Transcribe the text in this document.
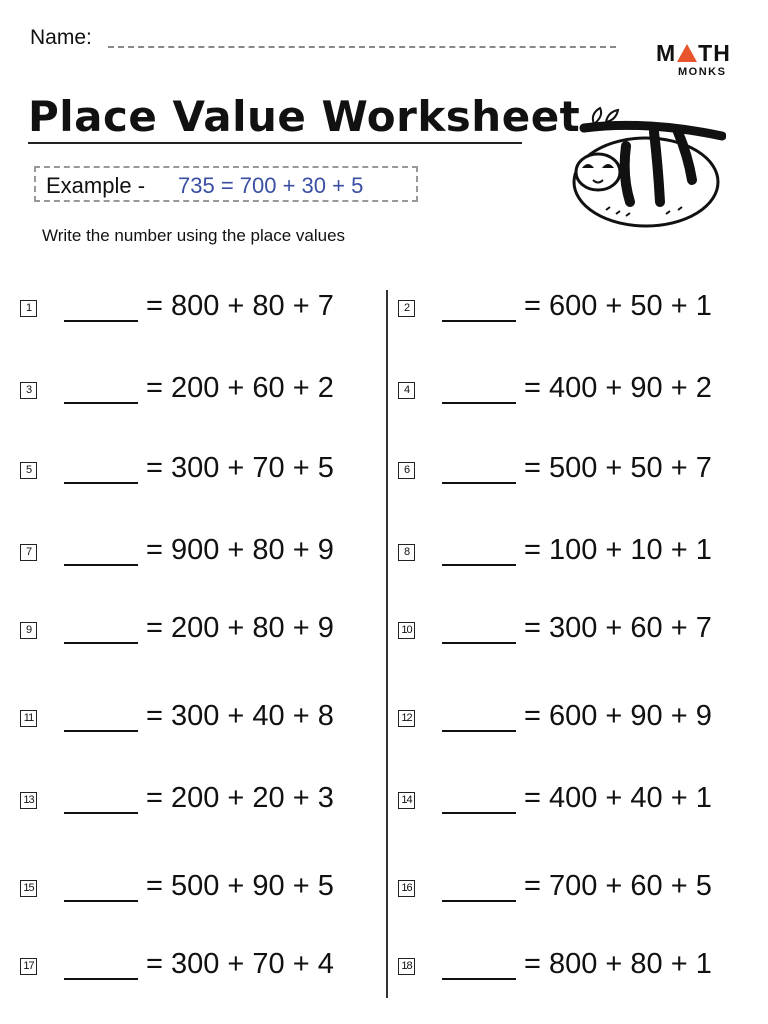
Name:
M TH
MONKS
Place Value Worksheet
Example - 735 = 700 + 30 + 5
Write the number using the place values
1	= 800 + 80 + 7	2	= 600 + 50 + 1
3	= 200 + 60 + 2	4	= 400 + 90 + 2
5	= 300 + 70 + 5	6	= 500 + 50 + 7
7	= 900 + 80 + 9	8	= 100 + 10 + 1
9	= 200 + 80 + 9	10	= 300 + 60 + 7
11	= 300 + 40 + 8	12	= 600 + 90 + 9
13	= 200 + 20 + 3	14	= 400 + 40 + 1
15	= 500 + 90 + 5	16	= 700 + 60 + 5
17	= 300 + 70 + 4	18	= 800 + 80 + 1
